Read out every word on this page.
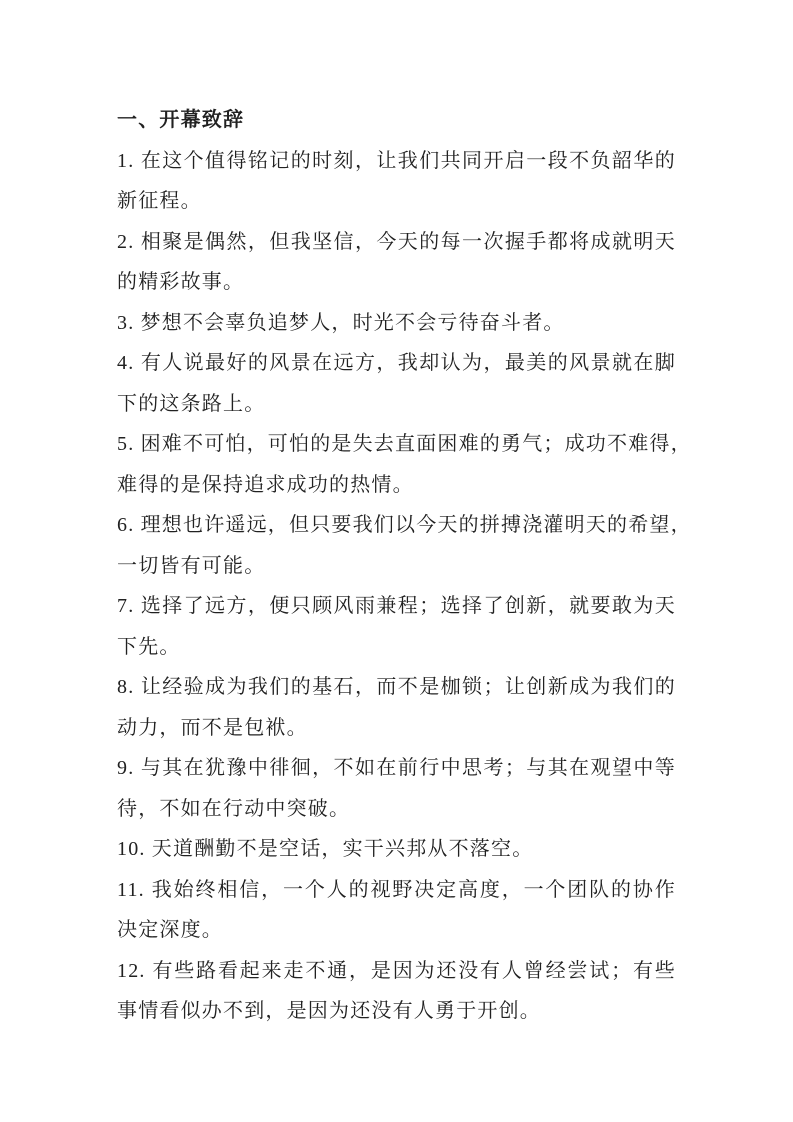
一、开幕致辞

1. 在这个值得铭记的时刻，让我们共同开启一段不负韶华的
新征程。

2. 相聚是偶然，但我坚信，今天的每一次握手都将成就明天
的精彩故事。

3. 梦想不会辜负追梦人，时光不会亏待奋斗者。

4. 有人说最好的风景在远方，我却认为，最美的风景就在脚
下的这条路上。

5. 困难不可怕，可怕的是失去直面困难的勇气；成功不难得，
难得的是保持追求成功的热情。

6. 理想也许遥远，但只要我们以今天的拼搏浇灌明天的希望，
一切皆有可能。

7. 选择了远方，便只顾风雨兼程；选择了创新，就要敢为天
下先。

8. 让经验成为我们的基石，而不是枷锁；让创新成为我们的
动力，而不是包袱。

9. 与其在犹豫中徘徊，不如在前行中思考；与其在观望中等
待，不如在行动中突破。

10. 天道酬勤不是空话，实干兴邦从不落空。

11. 我始终相信，一个人的视野决定高度，一个团队的协作
决定深度。

12. 有些路看起来走不通，是因为还没有人曾经尝试；有些
事情看似办不到，是因为还没有人勇于开创。
